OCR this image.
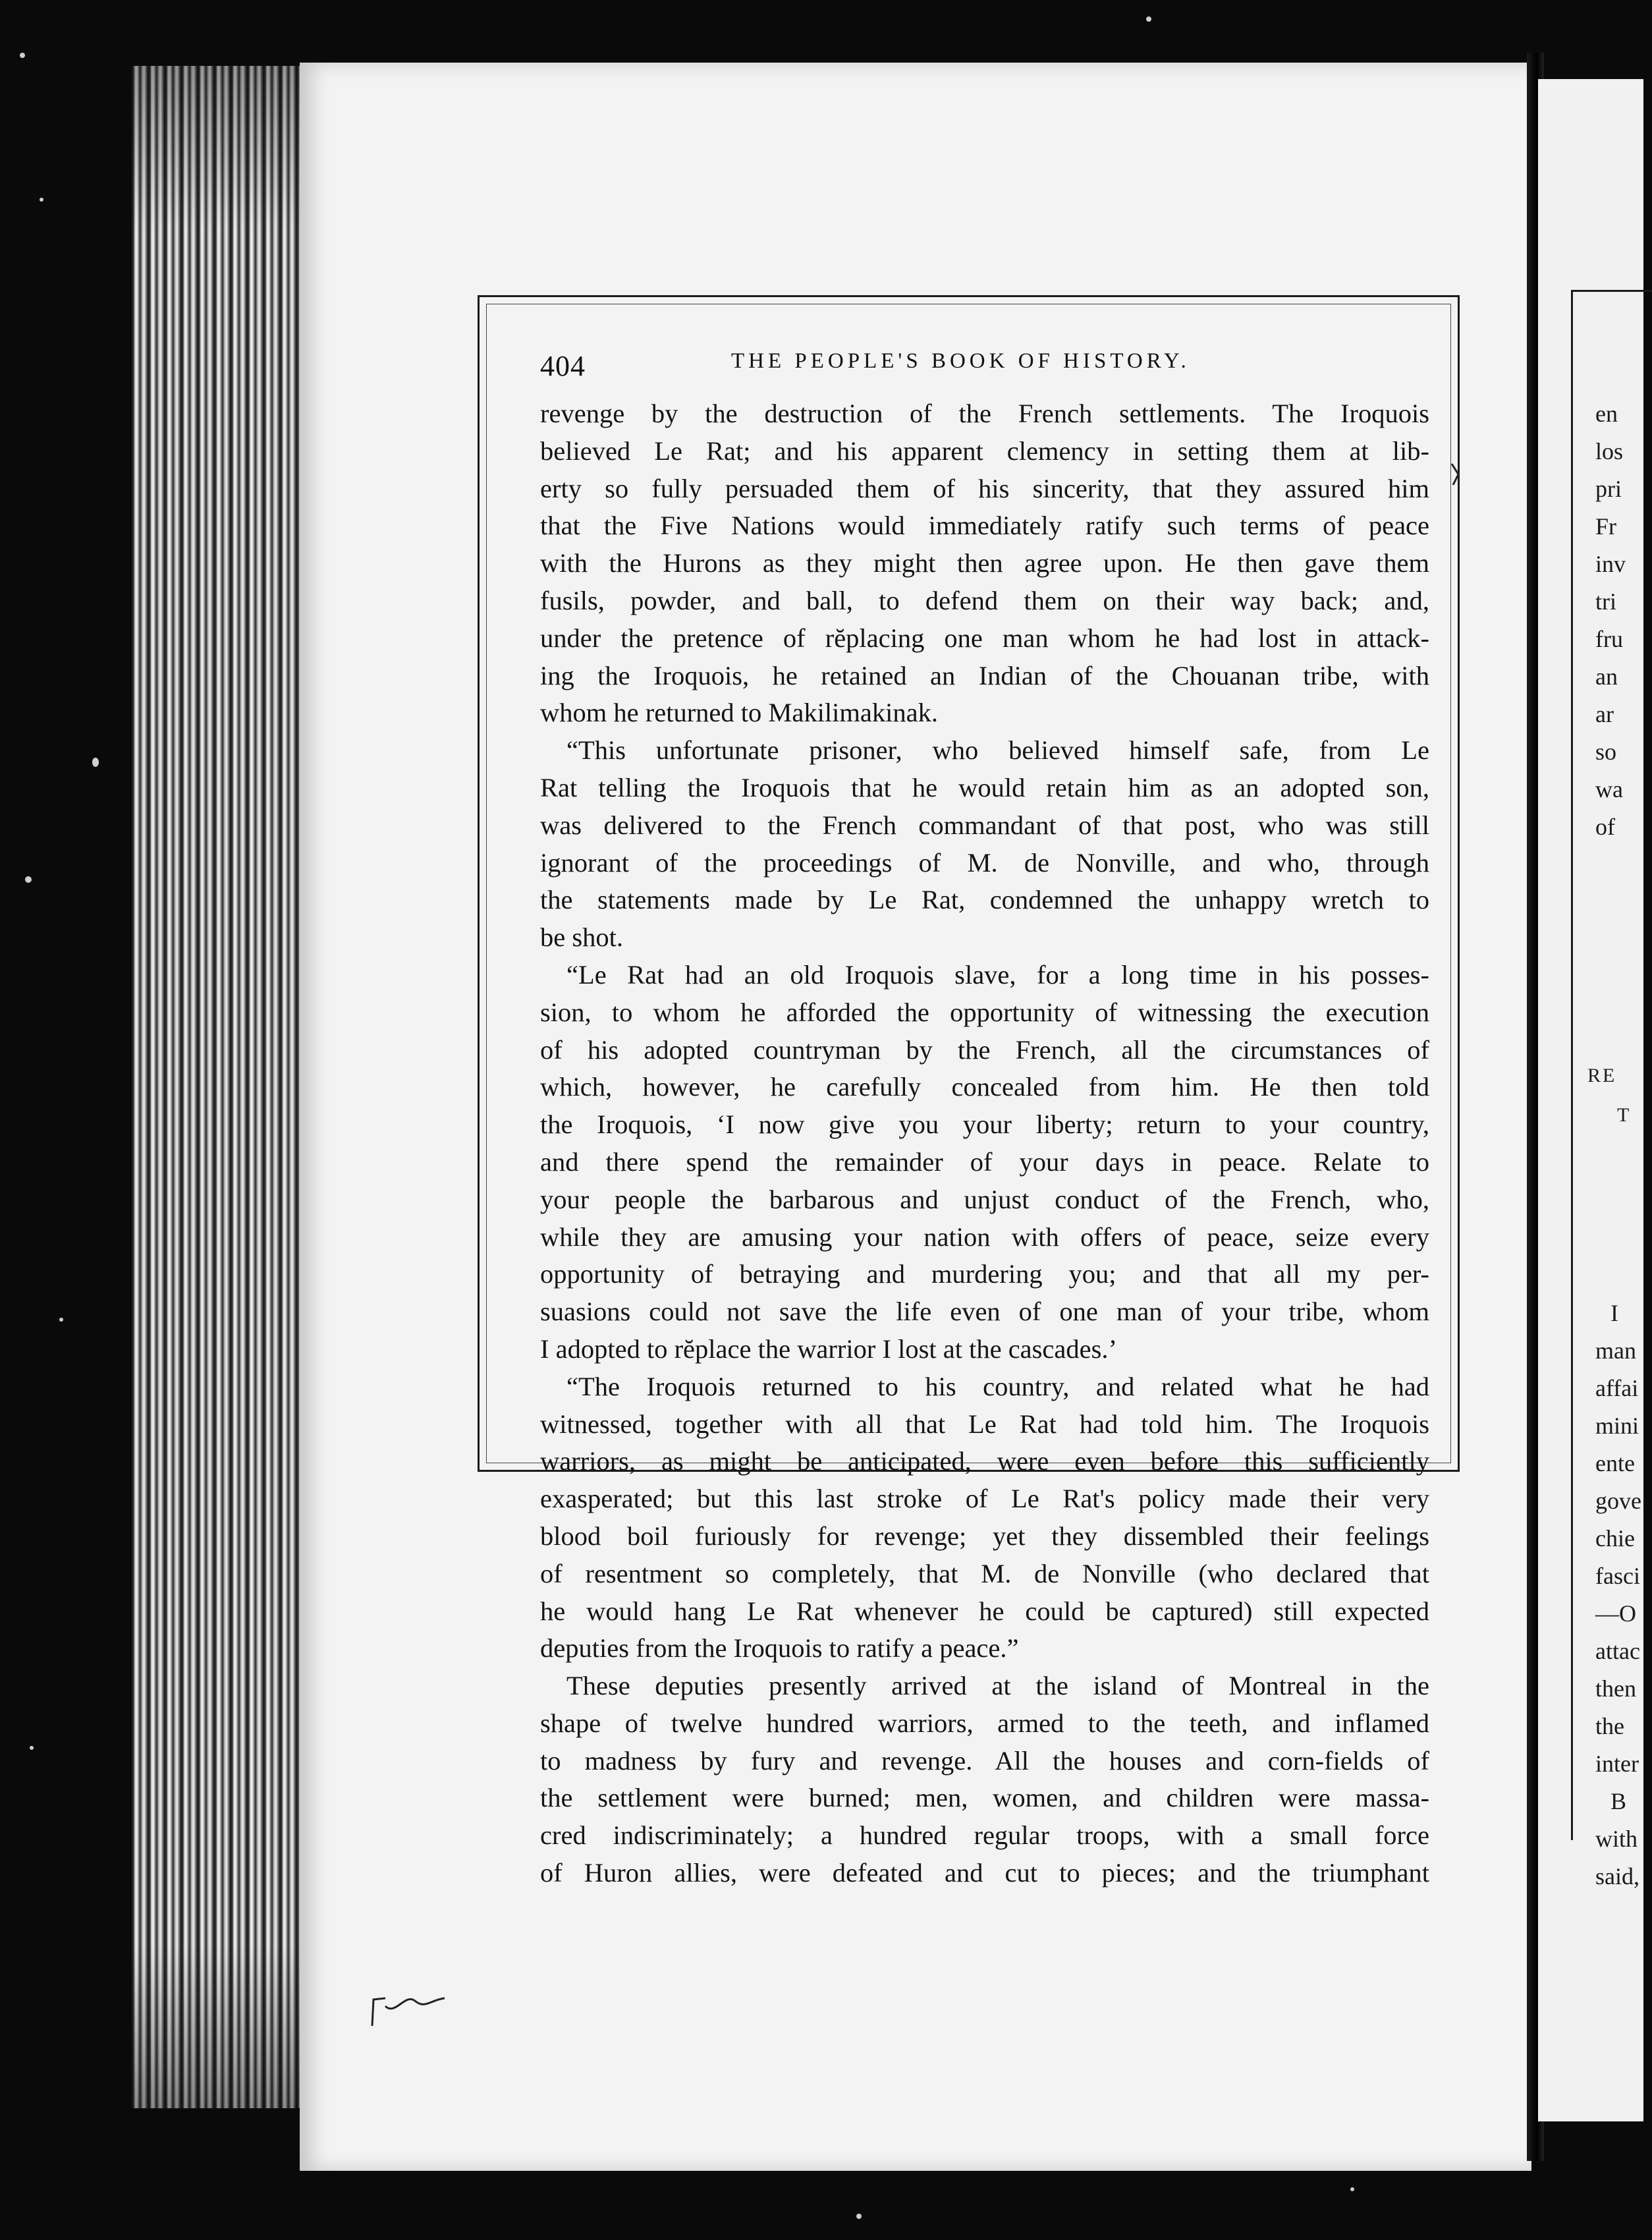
404	THE PEOPLE'S BOOK OF HISTORY.
revenge by the destruction of the French settlements. The Iroquois
believed Le Rat; and his apparent clemency in setting them at lib-
erty so fully persuaded them of his sincerity, that they assured him
that the Five Nations would immediately ratify such terms of peace
with the Hurons as they might then agree upon. He then gave them
fusils, powder, and ball, to defend them on their way back; and,
under the pretence of rĕplacing one man whom he had lost in attack-
ing the Iroquois, he retained an Indian of the Chouanan tribe, with
whom he returned to Makilimakinak.
“This unfortunate prisoner, who believed himself safe, from Le
Rat telling the Iroquois that he would retain him as an adopted son,
was delivered to the French commandant of that post, who was still
ignorant of the proceedings of M. de Nonville, and who, through
the statements made by Le Rat, condemned the unhappy wretch to
be shot.
“Le Rat had an old Iroquois slave, for a long time in his posses-
sion, to whom he afforded the opportunity of witnessing the execution
of his adopted countryman by the French, all the circumstances of
which, however, he carefully concealed from him. He then told
the Iroquois, ‘I now give you your liberty; return to your country,
and there spend the remainder of your days in peace. Relate to
your people the barbarous and unjust conduct of the French, who,
while they are amusing your nation with offers of peace, seize every
opportunity of betraying and murdering you; and that all my per-
suasions could not save the life even of one man of your tribe, whom
I adopted to rĕplace the warrior I lost at the cascades.’
“The Iroquois returned to his country, and related what he had
witnessed, together with all that Le Rat had told him. The Iroquois
warriors, as might be anticipated, were even before this sufficiently
exasperated; but this last stroke of Le Rat's policy made their very
blood boil furiously for revenge; yet they dissembled their feelings
of resentment so completely, that M. de Nonville (who declared that
he would hang Le Rat whenever he could be captured) still expected
deputies from the Iroquois to ratify a peace.”
These deputies presently arrived at the island of Montreal in the
shape of twelve hundred warriors, armed to the teeth, and inflamed
to madness by fury and revenge. All the houses and corn-fields of
the settlement were burned; men, women, and children were massa-
cred indiscriminately; a hundred regular troops, with a small force
of Huron allies, were defeated and cut to pieces; and the triumphant
en
los
pri
Fr
inv
tri
fru
an
ar
so
wa
of
RE
T
I
man
affai
mini
ente
gove
chie
fasci
—O
attac
then
the
inter
B
with
said,
